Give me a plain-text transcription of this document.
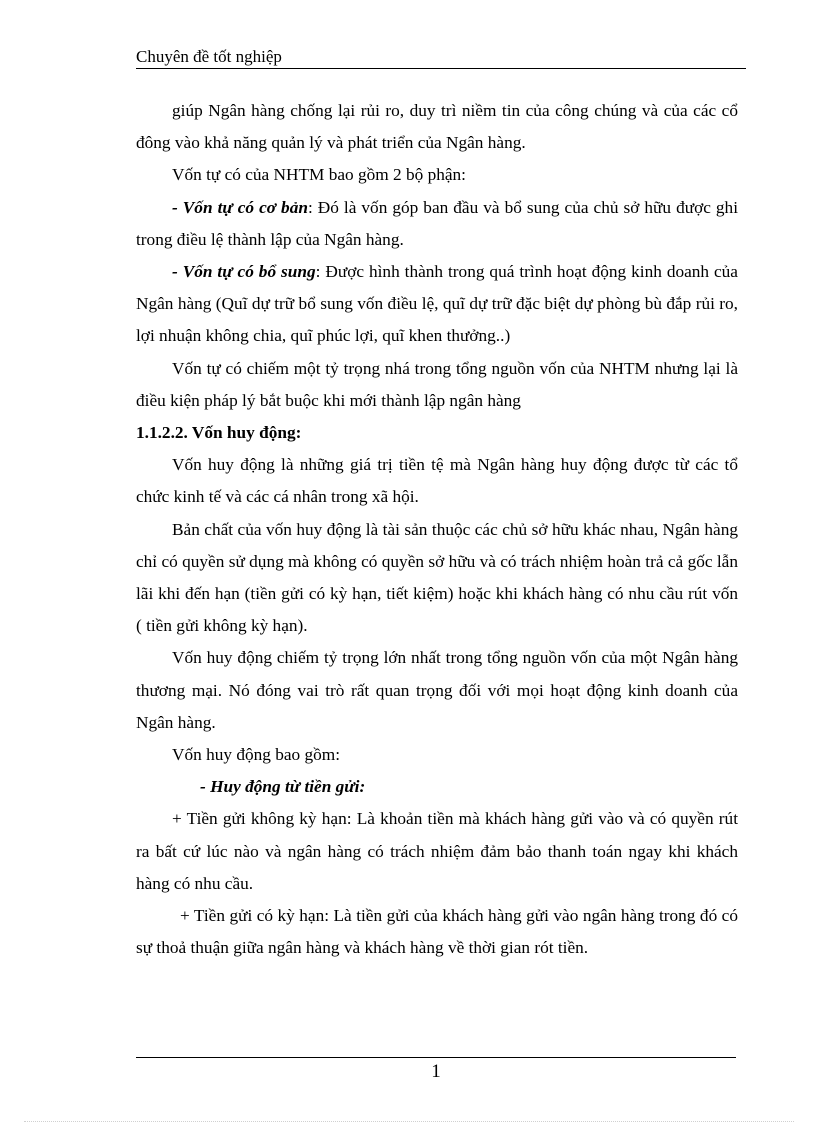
Chuyên đề tốt nghiệp

giúp Ngân hàng chống lại rủi ro, duy trì niềm tin của công chúng và của các cổ đông vào khả năng quản lý và phát triển của Ngân hàng.

Vốn tự có của NHTM bao gồm 2 bộ phận:

- Vốn tự có cơ bản: Đó là vốn góp ban đầu và bổ sung của chủ sở hữu được ghi trong điều lệ thành lập của Ngân hàng.

- Vốn tự có bổ sung: Được hình thành trong quá trình hoạt động kinh doanh của Ngân hàng (Quĩ dự trữ bổ sung vốn điều lệ, quĩ dự trữ đặc biệt dự phòng bù đắp rủi ro, lợi nhuận không chia, quĩ phúc lợi, quĩ khen thưởng..)

Vốn tự có chiếm một tỷ trọng nhá trong tổng nguồn vốn của NHTM nhưng lại là điều kiện pháp lý bắt buộc khi mới thành lập ngân hàng

1.1.2.2. Vốn huy động:

Vốn huy động là những giá trị tiền tệ mà Ngân hàng huy động được từ các tổ chức kinh tế và các cá nhân trong xã hội.

Bản chất của vốn huy động là tài sản thuộc các chủ sở hữu khác nhau, Ngân hàng chỉ có quyền sử dụng mà không có quyền sở hữu và có trách nhiệm hoàn trả cả gốc lẫn lãi khi đến hạn (tiền gửi có kỳ hạn, tiết kiệm) hoặc khi khách hàng có nhu cầu rút vốn ( tiền gửi không kỳ hạn).

Vốn huy động chiếm tỷ trọng lớn nhất trong tổng nguồn vốn của một Ngân hàng thương mại. Nó đóng vai trò rất quan trọng đối với mọi hoạt động kinh doanh của Ngân hàng.

Vốn huy động bao gồm:

- Huy động từ tiền gửi:

+ Tiền gửi không kỳ hạn: Là khoản tiền mà khách hàng gửi vào và có quyền rút ra bất cứ lúc nào và ngân hàng có trách nhiệm đảm bảo thanh toán ngay khi khách hàng có nhu cầu.

+ Tiền gửi có kỳ hạn: Là tiền gửi của khách hàng gửi vào ngân hàng trong đó có sự thoả thuận giữa ngân hàng và khách hàng về thời gian rót tiền.

1
